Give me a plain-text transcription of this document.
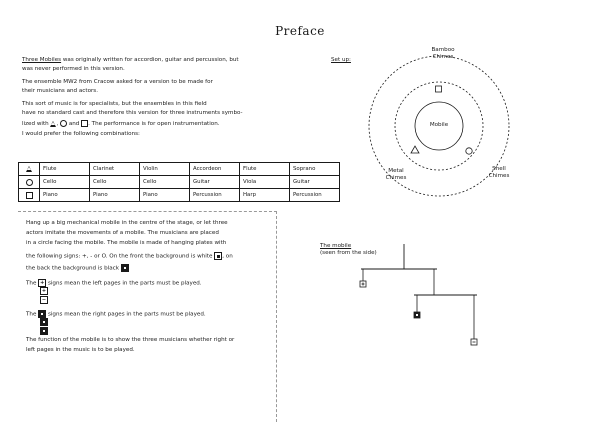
Preface
Three Mobiles was originally written for accordion, guitar and percussion, but
was never performed in this version.
The ensemble MW2 from Cracow asked for a version to be made for
their musicians and actors.
This sort of music is for specialists, but the ensembles in this field
have no standard cast and therefore this version for three instruments symbo-
lized with ,  and . The performance is for open instrumentation.
I would prefer the following combinations:
	Flute	Clarinet	Violin	Accordeon	Flute	Soprano
	Cello	Cello	Cello	Guitar	Viola	Guitar
	Piano	Piano	Piano	Percussion	Harp	Percussion
Hang up a big mechanical mobile in the centre of the stage, or let three
actors imitate the movements of a mobile. The musicians are placed
in a circle facing the mobile. The mobile is made of hanging plates with
the following signs: +, - or O. On the front the background is white , on
the back the background is black
The + signs mean the left pages in the parts must be played.
+
−
The signs mean the right pages in the parts must be played.
The function of the mobile is to show the three musicians whether right or
left pages in the music is to be played.
Set up:
Bamboo
Chimes
Metal
Chimes
Shell
Chimes
Mobile
The mobile
(seen from the side)
